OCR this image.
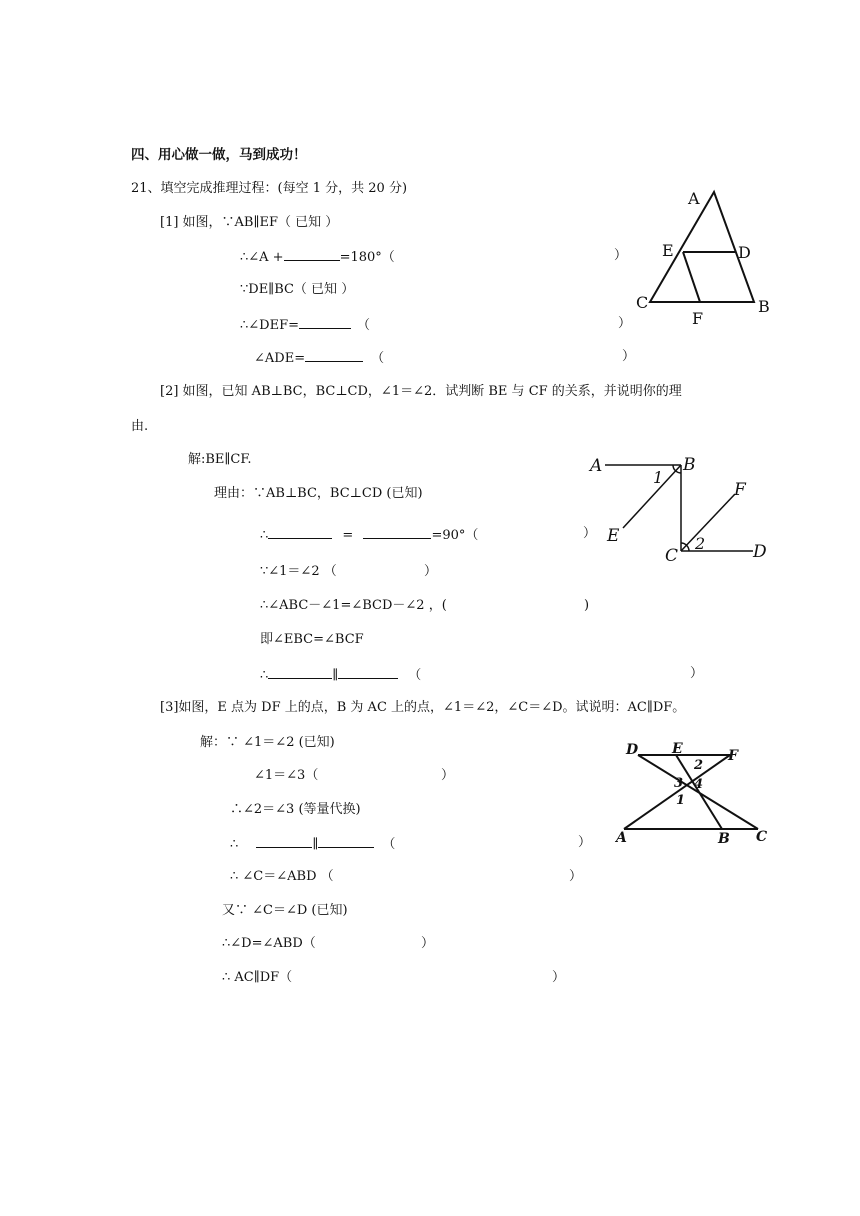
四、用心做一做，马到成功！
21、填空完成推理过程：(每空 1 分，共 20 分)
[1] 如图，∵AB∥EF（ 已知 ）
∴∠A +	=180°（	）
∵DE∥BC（ 已知 ）
∴∠DEF=	（	）
∠ADE=	（	）
A
E	D
C
F
B
[2] 如图，已知 AB⊥BC，BC⊥CD，∠1＝∠2．试判断 BE 与 CF 的关系，并说明你的理
由.
解:BE∥CF.
理由：∵AB⊥BC，BC⊥CD (已知)
∴	=	=90°（	）
∵∠1＝∠2 （	）
∴∠ABC－∠1=∠BCD－∠2 ，(	)
即∠EBC=∠BCF
∴	∥	（	）
A	B
1
E
F
2
C	D
[3]如图，E 点为 DF 上的点，B 为 AC 上的点，∠1＝∠2，∠C＝∠D。试说明：AC∥DF。
解：∵ ∠1＝∠2 (已知)
∠1＝∠3（	）
∴∠2＝∠3 (等量代换)
∴	∥	（	）
∴ ∠C＝∠ABD （	）
又∵ ∠C＝∠D (已知)
∴∠D=∠ABD（	）
∴ AC∥DF（	）
D E	F
2
3 4
1
A	B C
